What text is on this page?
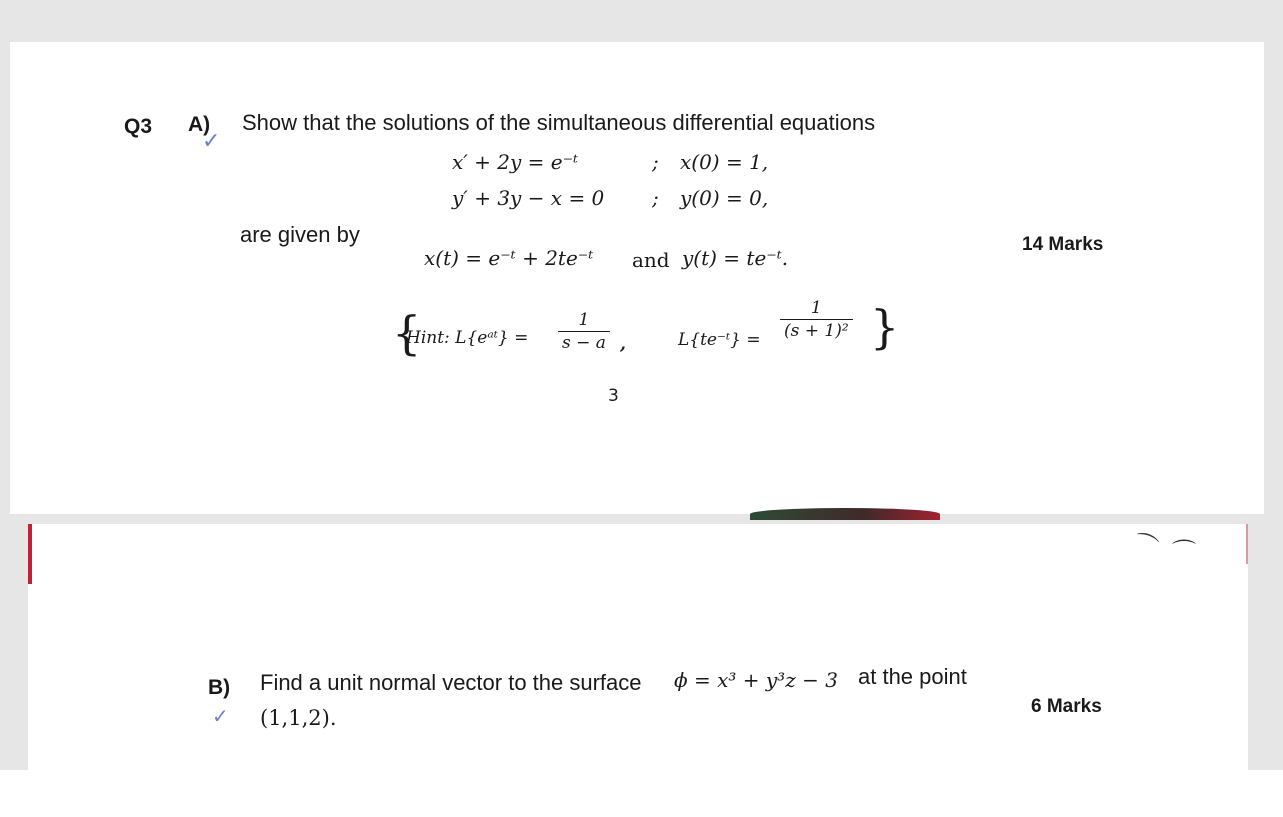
Q3 A)
✓
Show that the solutions of the simultaneous differential equations
x′ + 2y = e⁻ᵗ	; x(0) = 1,
y′ + 3y − x = 0 ; y(0) = 0,
are given by
x(t) = e⁻ᵗ + 2te⁻ᵗ and y(t) = te⁻ᵗ.
14 Marks
{
Hint: L{eᵃᵗ} =
1
s − a ,	L{te⁻ᵗ} =
1
(s + 1)² }
3
⌒ ⌒
B)
✓
Find a unit normal vector to the surface ϕ = x³ + y³z − 3 at the point
(1,1,2).	6 Marks
